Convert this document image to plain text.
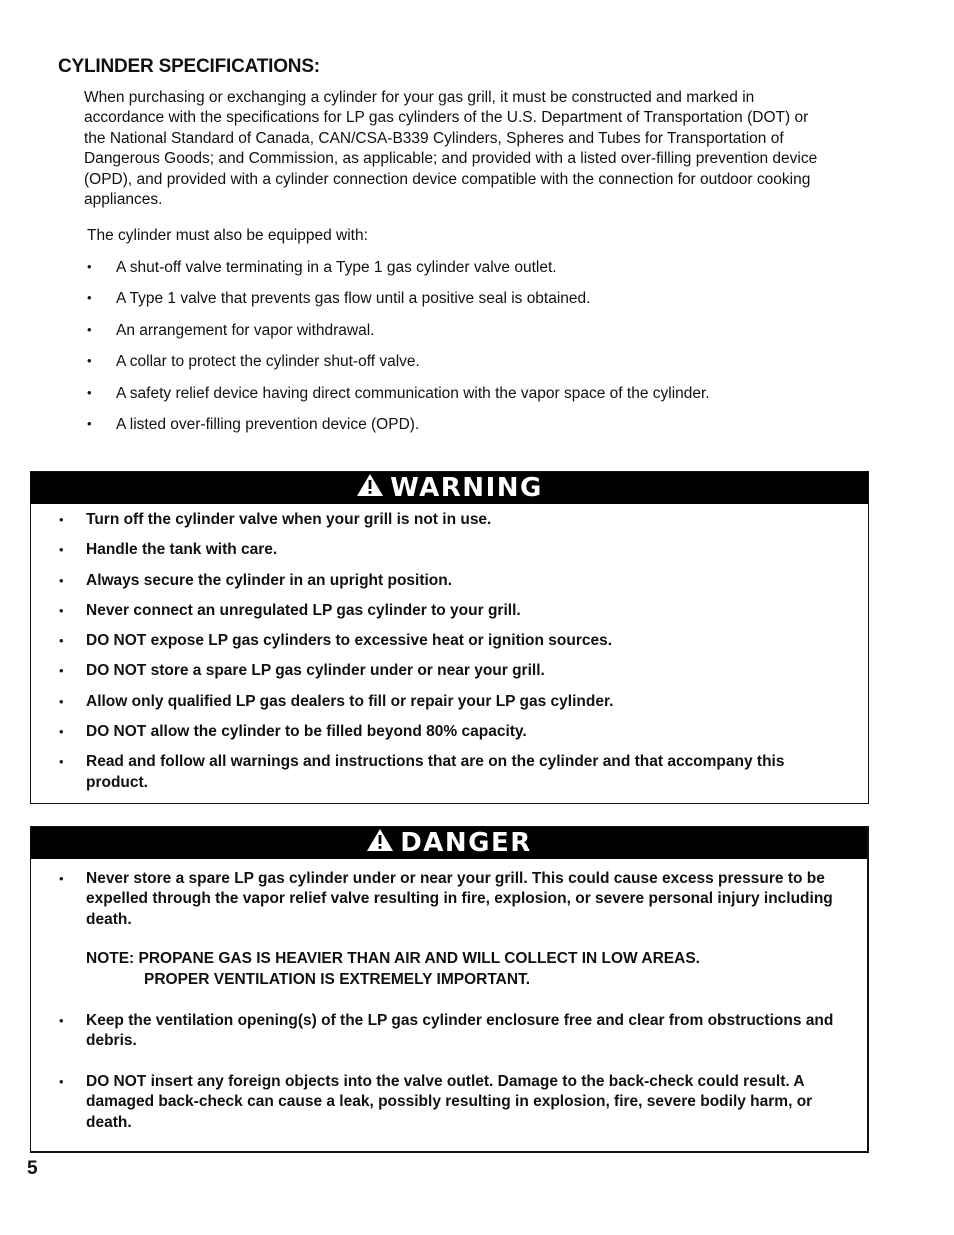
CYLINDER SPECIFICATIONS:

When purchasing or exchanging a cylinder for your gas grill, it must be constructed and marked in accordance with the specifications for LP gas cylinders of the U.S. Department of Transportation (DOT) or the National Standard of Canada, CAN/CSA-B339 Cylinders, Spheres and Tubes for Transportation of Dangerous Goods; and Commission, as applicable; and provided with a listed over-filling prevention device (OPD), and provided with a cylinder connection device compatible with the connection for outdoor cooking appliances.

The cylinder must also be equipped with:
• A shut-off valve terminating in a Type 1 gas cylinder valve outlet.
• A Type 1 valve that prevents gas flow until a positive seal is obtained.
• An arrangement for vapor withdrawal.
• A collar to protect the cylinder shut-off valve.
• A safety relief device having direct communication with the vapor space of the cylinder.
• A listed over-filling prevention device (OPD).
WARNING
• Turn off the cylinder valve when your grill is not in use.
• Handle the tank with care.
• Always secure the cylinder in an upright position.
• Never connect an unregulated LP gas cylinder to your grill.
• DO NOT expose LP gas cylinders to excessive heat or ignition sources.
• DO NOT store a spare LP gas cylinder under or near your grill.
• Allow only qualified LP gas dealers to fill or repair your LP gas cylinder.
• DO NOT allow the cylinder to be filled beyond 80% capacity.
• Read and follow all warnings and instructions that are on the cylinder and that accompany this product.
DANGER
• Never store a spare LP gas cylinder under or near your grill. This could cause excess pressure to be expelled through the vapor relief valve resulting in fire, explosion, or severe personal injury including death.
NOTE: PROPANE GAS IS HEAVIER THAN AIR AND WILL COLLECT IN LOW AREAS.
PROPER VENTILATION IS EXTREMELY IMPORTANT.
• Keep the ventilation opening(s) of the LP gas cylinder enclosure free and clear from obstructions and debris.
• DO NOT insert any foreign objects into the valve outlet. Damage to the back-check could result. A damaged back-check can cause a leak, possibly resulting in explosion, fire, severe bodily harm, or death.
5
